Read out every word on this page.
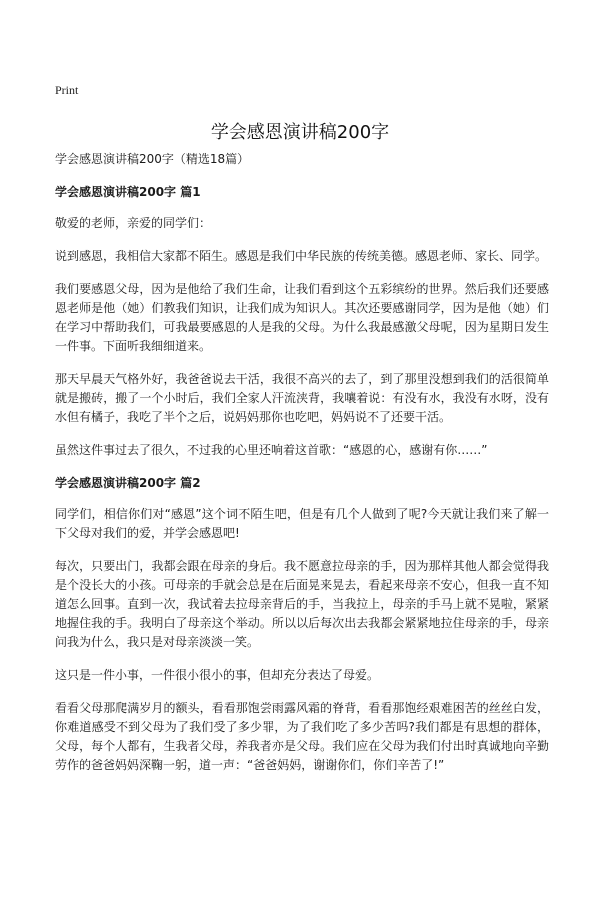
Print
学会感恩演讲稿200字

学会感恩演讲稿200字（精选18篇）

学会感恩演讲稿200字 篇1

敬爱的老师，亲爱的同学们：

说到感恩，我相信大家都不陌生。感恩是我们中华民族的传统美德。感恩老师、家长、同学。

我们要感恩父母，因为是他给了我们生命，让我们看到这个五彩缤纷的世界。然后我们还要感恩老师是他（她）们教我们知识，让我们成为知识人。其次还要感谢同学，因为是他（她）们在学习中帮助我们，可我最要感恩的人是我的父母。为什么我最感激父母呢，因为星期日发生一件事。下面听我细细道来。

那天早晨天气格外好，我爸爸说去干活，我很不高兴的去了，到了那里没想到我们的活很简单就是搬砖，搬了一个小时后，我们全家人汗流浃背，我嚷着说：有没有水，我没有水呀，没有水但有橘子，我吃了半个之后，说妈妈那你也吃吧，妈妈说不了还要干活。

虽然这件事过去了很久，不过我的心里还响着这首歌：“感恩的心，感谢有你……”

学会感恩演讲稿200字 篇2

同学们，相信你们对“感恩”这个词不陌生吧，但是有几个人做到了呢?今天就让我们来了解一下父母对我们的爱，并学会感恩吧!

每次，只要出门，我都会跟在母亲的身后。我不愿意拉母亲的手，因为那样其他人都会觉得我是个没长大的小孩。可母亲的手就会总是在后面晃来晃去，看起来母亲不安心，但我一直不知道怎么回事。直到一次，我试着去拉母亲背后的手，当我拉上，母亲的手马上就不晃啦，紧紧地握住我的手。我明白了母亲这个举动。所以以后每次出去我都会紧紧地拉住母亲的手，母亲问我为什么，我只是对母亲淡淡一笑。

这只是一件小事，一件很小很小的事，但却充分表达了母爱。

看看父母那爬满岁月的额头，看看那饱尝雨露风霜的脊背，看看那饱经艰难困苦的丝丝白发，你难道感受不到父母为了我们受了多少罪，为了我们吃了多少苦吗?我们都是有思想的群体，父母，每个人都有，生我者父母，养我者亦是父母。我们应在父母为我们付出时真诚地向辛勤劳作的爸爸妈妈深鞠一躬，道一声：“爸爸妈妈，谢谢你们，你们辛苦了!”
